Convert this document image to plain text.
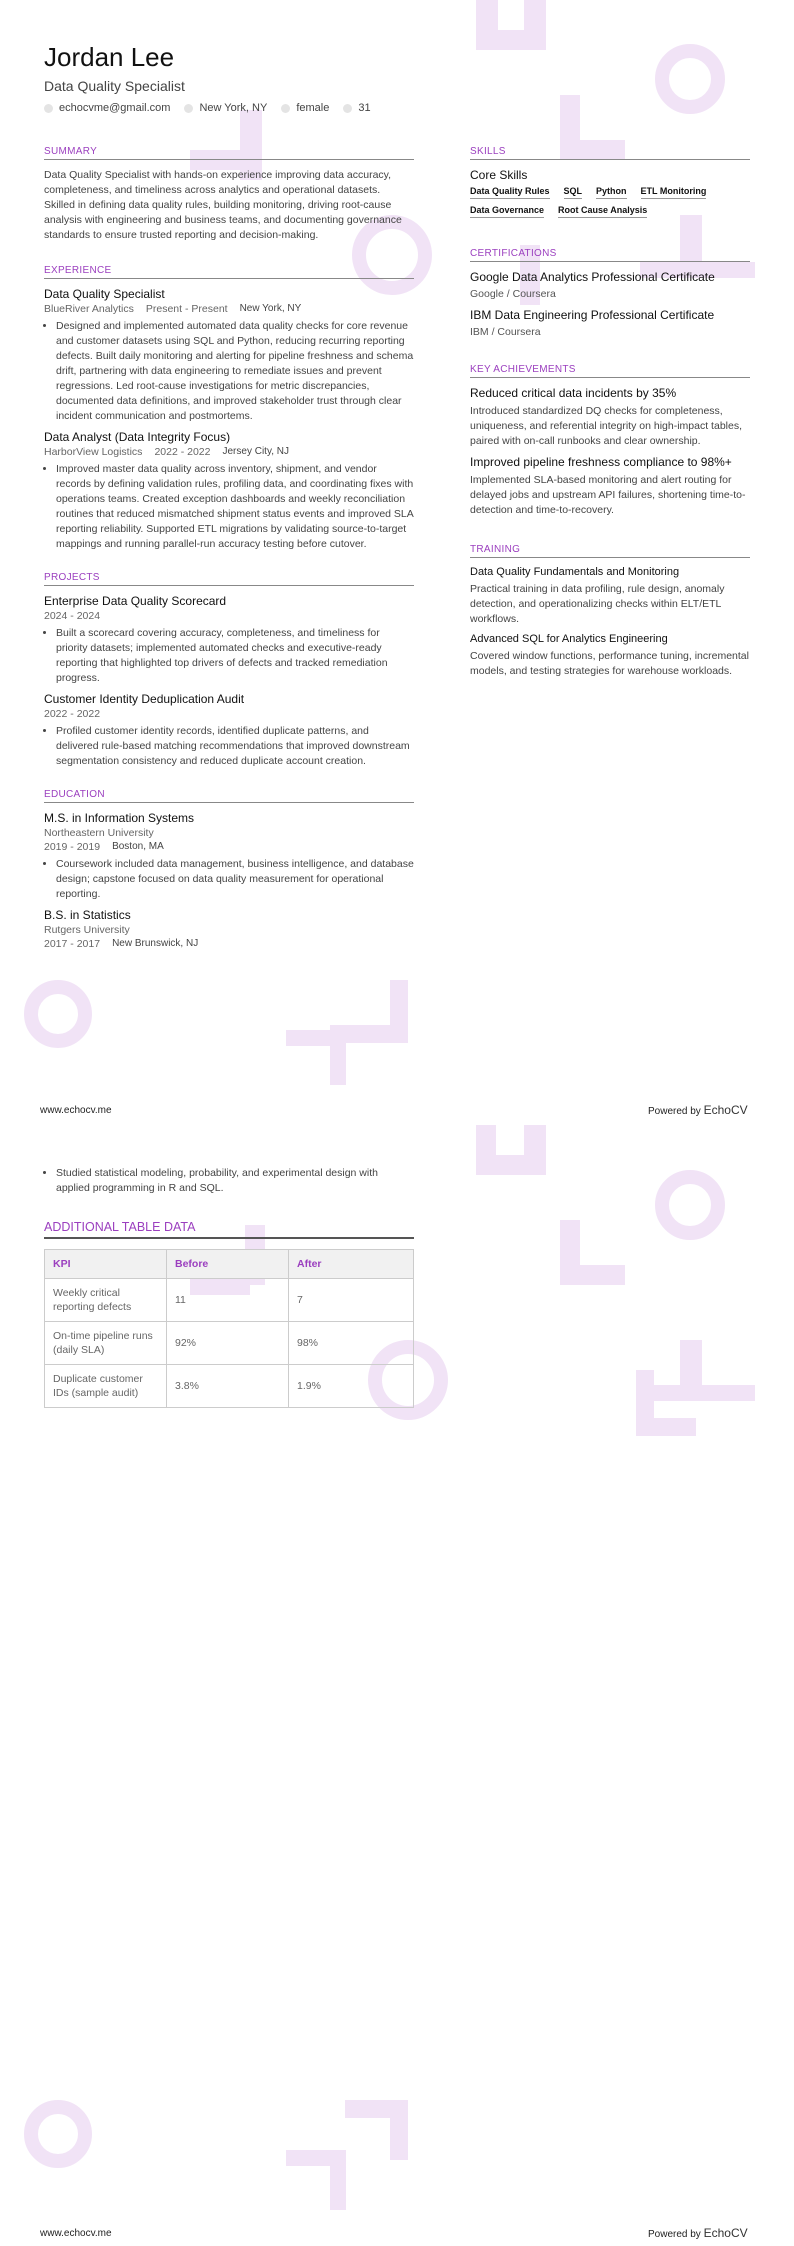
Jordan Lee
Data Quality Specialist
echocvme@gmail.com	New York, NY	female	31
SUMMARY
Data Quality Specialist with hands-on experience improving data accuracy, completeness, and timeliness across analytics and operational datasets. Skilled in defining data quality rules, building monitoring, driving root-cause analysis with engineering and business teams, and documenting governance standards to ensure trusted reporting and decision-making.
EXPERIENCE
Data Quality Specialist
BlueRiver Analytics Present - Present New York, NY
• Designed and implemented automated data quality checks for core revenue and customer datasets using SQL and Python, reducing recurring reporting defects. Built daily monitoring and alerting for pipeline freshness and schema drift, partnering with data engineering to remediate issues and prevent regressions. Led root-cause investigations for metric discrepancies, documented data definitions, and improved stakeholder trust through clear incident communication and postmortems.
Data Analyst (Data Integrity Focus)
HarborView Logistics 2022 - 2022 Jersey City, NJ
• Improved master data quality across inventory, shipment, and vendor records by defining validation rules, profiling data, and coordinating fixes with operations teams. Created exception dashboards and weekly reconciliation routines that reduced mismatched shipment status events and improved SLA reporting reliability. Supported ETL migrations by validating source-to-target mappings and running parallel-run accuracy testing before cutover.
PROJECTS
Enterprise Data Quality Scorecard
2024 - 2024
• Built a scorecard covering accuracy, completeness, and timeliness for priority datasets; implemented automated checks and executive-ready reporting that highlighted top drivers of defects and tracked remediation progress.
Customer Identity Deduplication Audit
2022 - 2022
• Profiled customer identity records, identified duplicate patterns, and delivered rule-based matching recommendations that improved downstream segmentation consistency and reduced duplicate account creation.
EDUCATION
M.S. in Information Systems
Northeastern University
2019 - 2019 Boston, MA
• Coursework included data management, business intelligence, and database design; capstone focused on data quality measurement for operational reporting.
B.S. in Statistics
Rutgers University
2017 - 2017 New Brunswick, NJ
SKILLS
Core Skills
Data Quality Rules SQL Python ETL Monitoring
Data Governance Root Cause Analysis
CERTIFICATIONS
Google Data Analytics Professional Certificate
Google / Coursera
IBM Data Engineering Professional Certificate
IBM / Coursera
KEY ACHIEVEMENTS
Reduced critical data incidents by 35%
Introduced standardized DQ checks for completeness, uniqueness, and referential integrity on high-impact tables, paired with on-call runbooks and clear ownership.
Improved pipeline freshness compliance to 98%+
Implemented SLA-based monitoring and alert routing for delayed jobs and upstream API failures, shortening time-to-detection and time-to-recovery.
TRAINING
Data Quality Fundamentals and Monitoring
Practical training in data profiling, rule design, anomaly detection, and operationalizing checks within ELT/ETL workflows.
Advanced SQL for Analytics Engineering
Covered window functions, performance tuning, incremental models, and testing strategies for warehouse workloads.
www.echocv.me	Powered by EchoCV
• Studied statistical modeling, probability, and experimental design with applied programming in R and SQL.
ADDITIONAL TABLE DATA
KPI	Before	After
Weekly critical reporting defects	11	7
On-time pipeline runs (daily SLA)	92%	98%
Duplicate customer IDs (sample audit)	3.8%	1.9%
www.echocv.me	Powered by EchoCV
